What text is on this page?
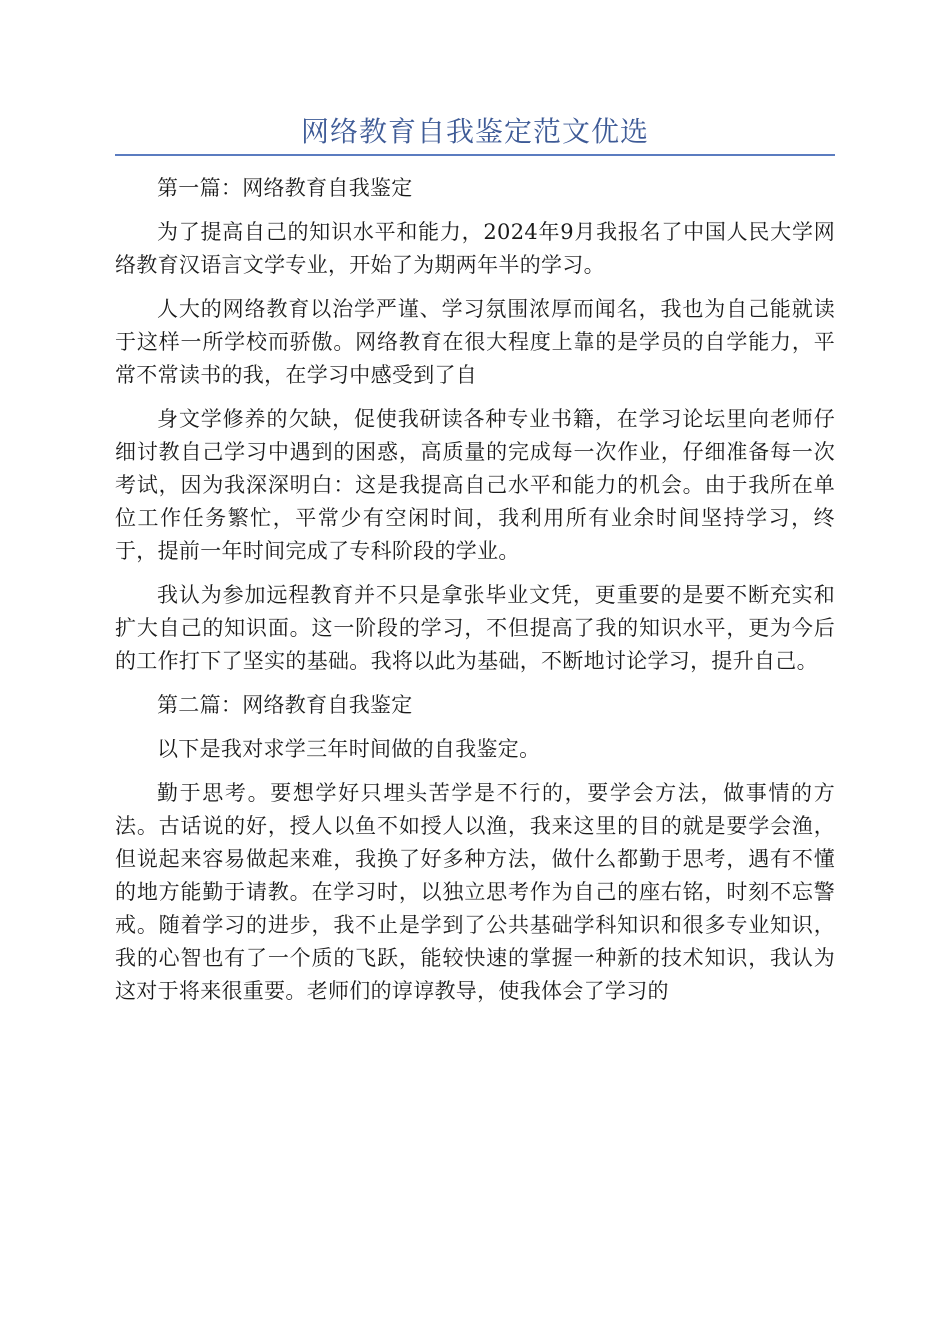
网络教育自我鉴定范文优选

第一篇：网络教育自我鉴定

为了提高自己的知识水平和能力，2024年9月我报名了中国人民大学网络教育汉语言文学专业，开始了为期两年半的学习。

人大的网络教育以治学严谨、学习氛围浓厚而闻名，我也为自己能就读于这样一所学校而骄傲。网络教育在很大程度上靠的是学员的自学能力，平常不常读书的我，在学习中感受到了自

身文学修养的欠缺，促使我研读各种专业书籍，在学习论坛里向老师仔细讨教自己学习中遇到的困惑，高质量的完成每一次作业，仔细准备每一次考试，因为我深深明白：这是我提高自己水平和能力的机会。由于我所在单位工作任务繁忙，平常少有空闲时间，我利用所有业余时间坚持学习，终于，提前一年时间完成了专科阶段的学业。

我认为参加远程教育并不只是拿张毕业文凭，更重要的是要不断充实和扩大自己的知识面。这一阶段的学习，不但提高了我的知识水平，更为今后的工作打下了坚实的基础。我将以此为基础，不断地讨论学习，提升自己。

第二篇：网络教育自我鉴定

以下是我对求学三年时间做的自我鉴定。

勤于思考。要想学好只埋头苦学是不行的，要学会方法，做事情的方法。古话说的好，授人以鱼不如授人以渔，我来这里的目的就是要学会渔，但说起来容易做起来难，我换了好多种方法，做什么都勤于思考，遇有不懂的地方能勤于请教。在学习时，以独立思考作为自己的座右铭，时刻不忘警戒。随着学习的进步，我不止是学到了公共基础学科知识和很多专业知识，我的心智也有了一个质的飞跃，能较快速的掌握一种新的技术知识，我认为这对于将来很重要。老师们的谆谆教导，使我体会了学习的
